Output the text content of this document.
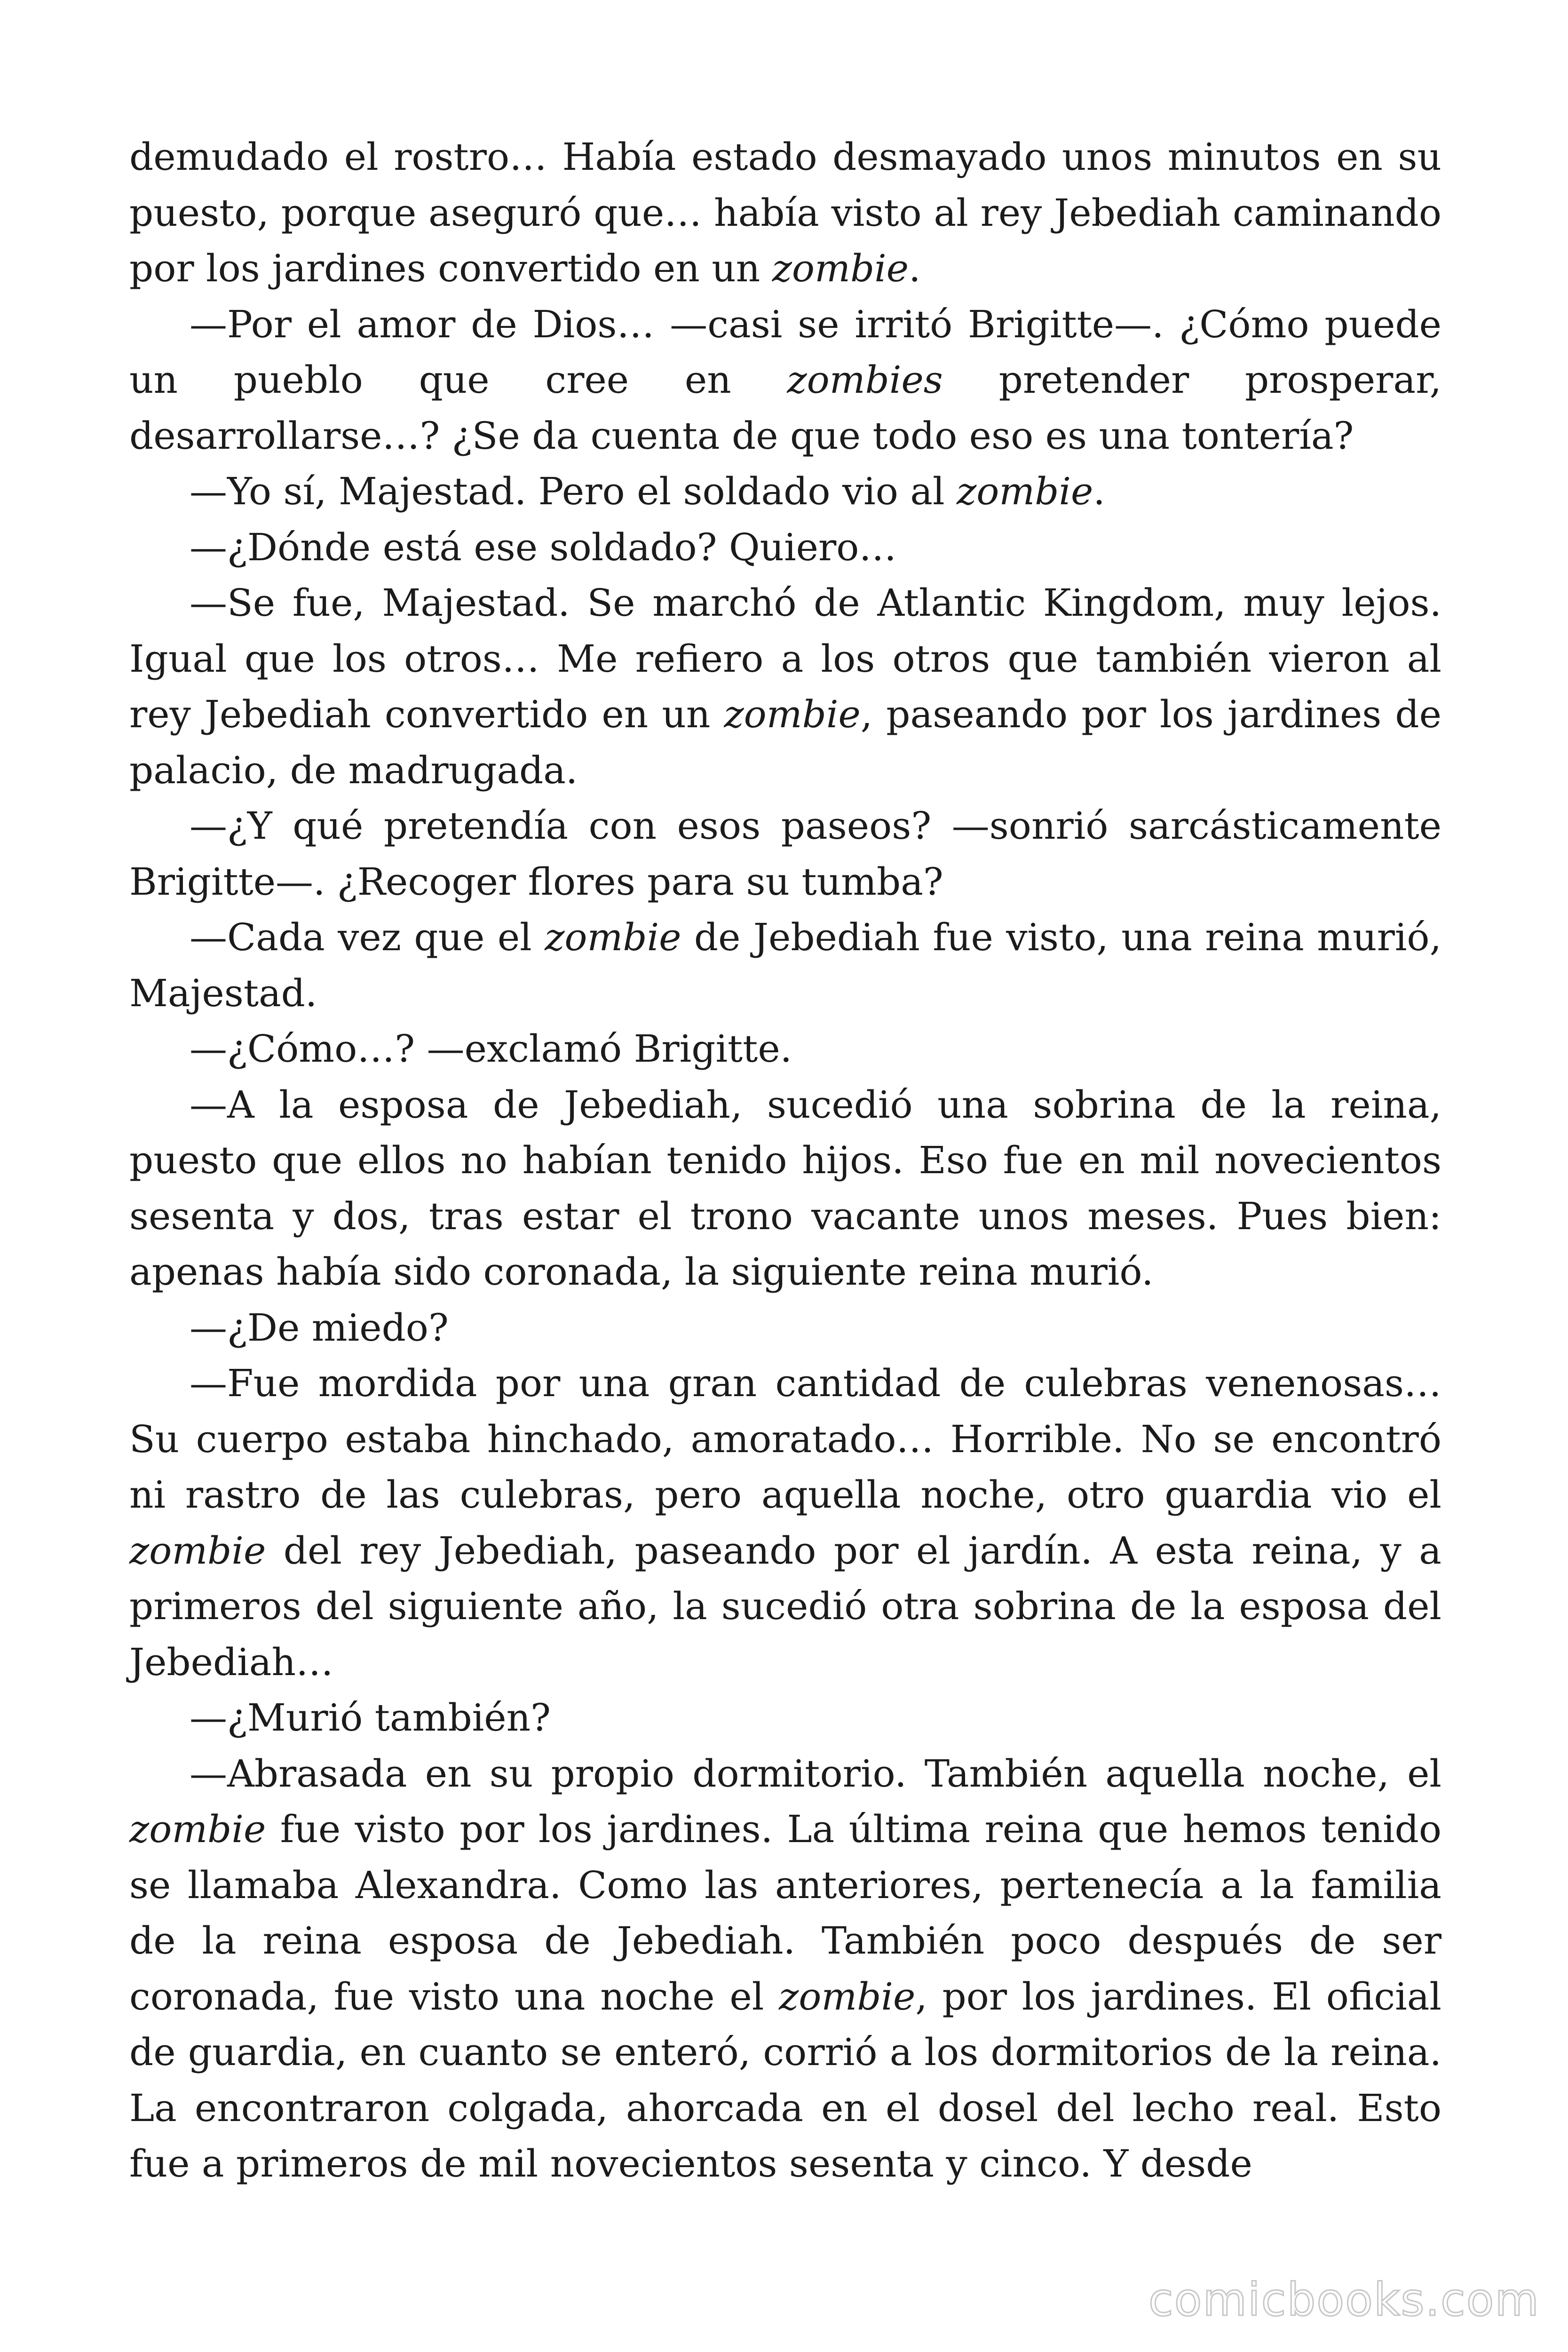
demudado el rostro… Había estado desmayado unos minutos en su puesto, porque aseguró que… había visto al rey Jebediah caminando por los jardines convertido en un zombie.

—Por el amor de Dios… —casi se irritó Brigitte—. ¿Cómo puede un pueblo que cree en zombies pretender prosperar, desarrollarse…? ¿Se da cuenta de que todo eso es una tontería?

—Yo sí, Majestad. Pero el soldado vio al zombie.

—¿Dónde está ese soldado? Quiero…

—Se fue, Majestad. Se marchó de Atlantic Kingdom, muy lejos. Igual que los otros… Me refiero a los otros que también vieron al rey Jebediah convertido en un zombie, paseando por los jardines de palacio, de madrugada.

—¿Y qué pretendía con esos paseos? —sonrió sarcásticamente Brigitte—. ¿Recoger flores para su tumba?

—Cada vez que el zombie de Jebediah fue visto, una reina murió, Majestad.

—¿Cómo…? —exclamó Brigitte.

—A la esposa de Jebediah, sucedió una sobrina de la reina, puesto que ellos no habían tenido hijos. Eso fue en mil novecientos sesenta y dos, tras estar el trono vacante unos meses. Pues bien: apenas había sido coronada, la siguiente reina murió.

—¿De miedo?

—Fue mordida por una gran cantidad de culebras venenosas… Su cuerpo estaba hinchado, amoratado… Horrible. No se encontró ni rastro de las culebras, pero aquella noche, otro guardia vio el zombie del rey Jebediah, paseando por el jardín. A esta reina, y a primeros del siguiente año, la sucedió otra sobrina de la esposa del Jebediah…

—¿Murió también?

—Abrasada en su propio dormitorio. También aquella noche, el zombie fue visto por los jardines. La última reina que hemos tenido se llamaba Alexandra. Como las anteriores, pertenecía a la familia de la reina esposa de Jebediah. También poco después de ser coronada, fue visto una noche el zombie, por los jardines. El oficial de guardia, en cuanto se enteró, corrió a los dormitorios de la reina. La encontraron colgada, ahorcada en el dosel del lecho real. Esto fue a primeros de mil novecientos sesenta y cinco. Y desde

comicbooks.com
